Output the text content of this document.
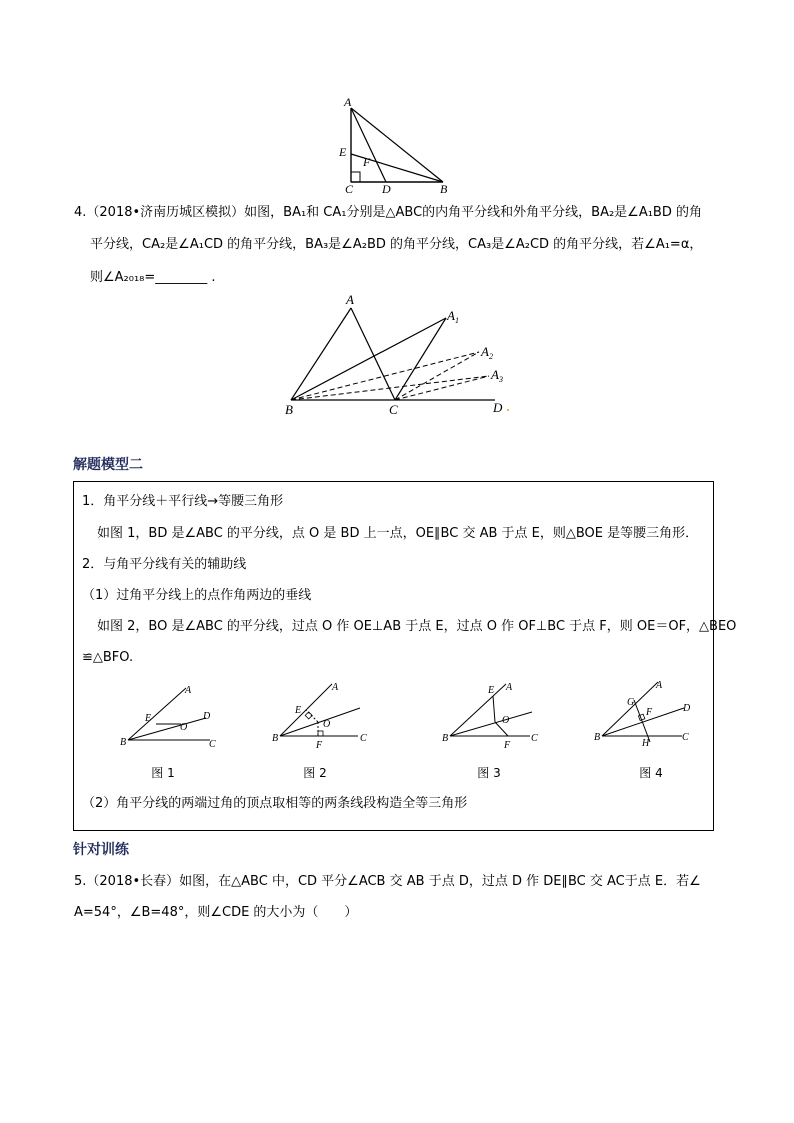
A
E
F
C D	B
4.（2018•济南历城区模拟）如图，BA₁和 CA₁分别是△ABC的内角平分线和外角平分线，BA₂是∠A₁BD 的角
平分线，CA₂是∠A₁CD 的角平分线，BA₃是∠A₂BD 的角平分线，CA₃是∠A₂CD 的角平分线，若∠A₁=α，
则∠A₂₀₁₈=________ .
A
$A_1$
$A_2$
$A_3$
B	C	D
解题模型二
1．角平分线＋平行线→等腰三角形
如图 1，BD 是∠ABC 的平分线，点 O 是 BD 上一点，OE∥BC 交 AB 于点 E，则△BOE 是等腰三角形．
2．与角平分线有关的辅助线
（1）过角平分线上的点作角两边的垂线
如图 2，BO 是∠ABC 的平分线，过点 O 作 OE⊥AB 于点 E，过点 O 作 OF⊥BC 于点 F，则 OE＝OF，△BEO
≌△BFO.
A
E
O
D
B	C
图 1
A
E
O
B
F
C
图 2
E A
O
B
F
C
图 3
A
G
F	D
B
H
C
图 4
（2）角平分线的两端过角的顶点取相等的两条线段构造全等三角形
针对训练
5.（2018•长春）如图，在△ABC 中，CD 平分∠ACB 交 AB 于点 D，过点 D 作 DE∥BC 交 AC于点 E．若∠
A=54°，∠B=48°，则∠CDE 的大小为（　　）
